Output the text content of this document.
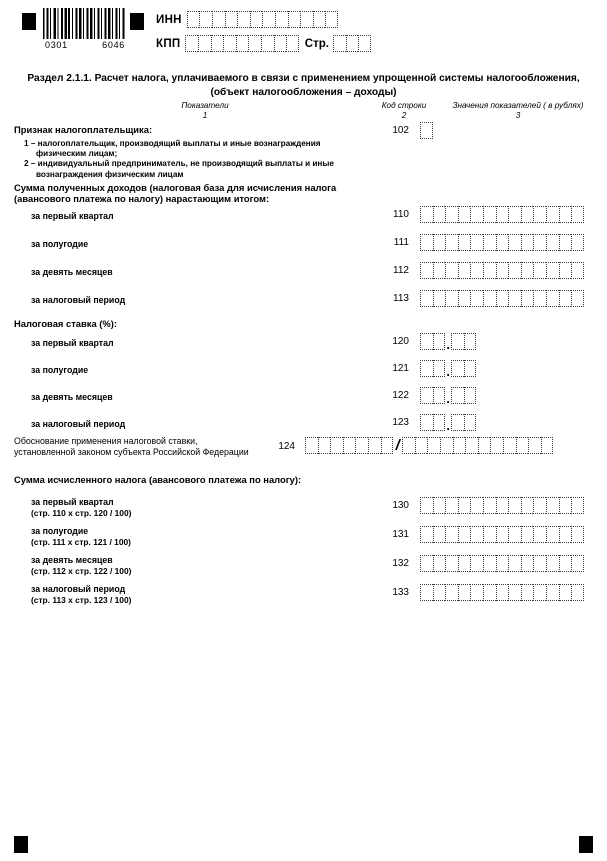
0301	6046
ИНН
КПП	Стр.
Раздел 2.1.1. Расчет налога, уплачиваемого в связи с применением упрощенной системы налогообложения,
(объект налогообложения – доходы)
Показатели
1
Код строки
2
Значения показателей ( в рублях)
3
Признак налогоплательщика:
1 – налогоплательщик, производящий выплаты и иные вознаграждения
физическим лицам;
2 – индивидуальный предприниматель, не производящий выплаты и иные
вознаграждения физическим лицам
102
Сумма полученных доходов (налоговая база для исчисления налога
(авансового платежа по налогу) нарастающим итогом:
за первый квартал	110
за полугодие	111
за девять месяцев	112
за налоговый период	113
Налоговая ставка (%):
за первый квартал	120	.
за полугодие	121	.
за девять месяцев	122	.
за налоговый период	123	.
Обоснование применения налоговой ставки,
установленной законом субъекта Российской Федерации	124	/
Сумма исчисленного налога (авансового платежа по налогу):
за первый квартал
(стр. 110 x стр. 120 / 100)
130
за полугодие
(стр. 111 x стр. 121 / 100)
131
за девять месяцев
(стр. 112 x стр. 122 / 100)
132
за налоговый период
(стр. 113 x стр. 123 / 100)
133
